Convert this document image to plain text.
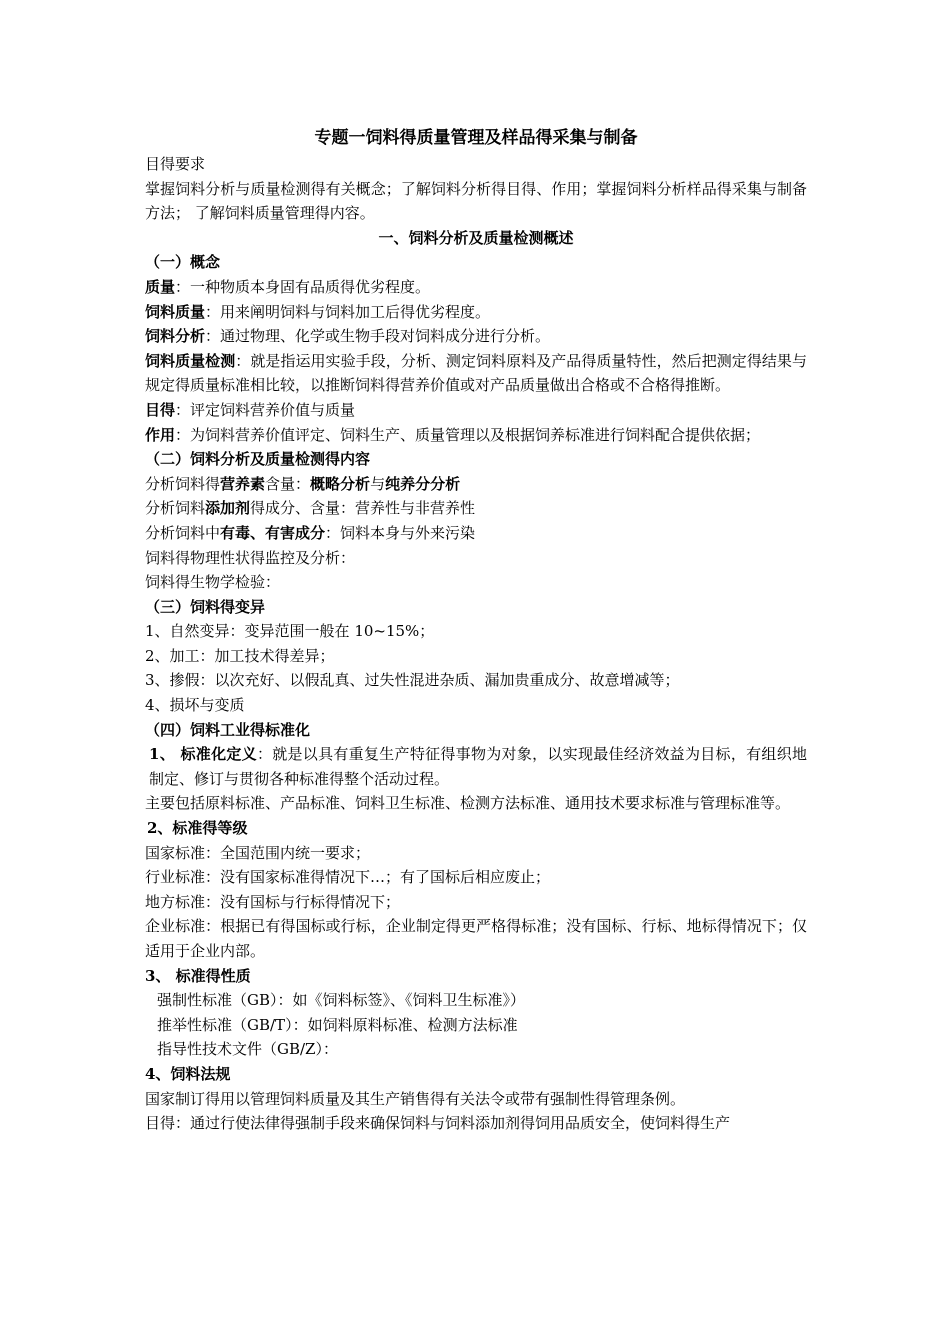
专题一饲料得质量管理及样品得采集与制备

目得要求

掌握饲料分析与质量检测得有关概念；了解饲料分析得目得、作用；掌握饲料分析样品得采集与制备方法； 了解饲料质量管理得内容。

一、饲料分析及质量检测概述

（一）概念

质量：一种物质本身固有品质得优劣程度。

饲料质量：用来阐明饲料与饲料加工后得优劣程度。

饲料分析：通过物理、化学或生物手段对饲料成分进行分析。

饲料质量检测：就是指运用实验手段，分析、测定饲料原料及产品得质量特性，然后把测定得结果与规定得质量标准相比较，以推断饲料得营养价值或对产品质量做出合格或不合格得推断。

目得：评定饲料营养价值与质量

作用：为饲料营养价值评定、饲料生产、质量管理以及根据饲养标准进行饲料配合提供依据；

（二）饲料分析及质量检测得内容

分析饲料得营养素含量：概略分析与纯养分分析

分析饲料添加剂得成分、含量：营养性与非营养性

分析饲料中有毒、有害成分：饲料本身与外来污染

饲料得物理性状得监控及分析：

饲料得生物学检验：

（三）饲料得变异

1、自然变异：变异范围一般在 10~15%；

2、加工：加工技术得差异；

3、掺假：以次充好、以假乱真、过失性混进杂质、漏加贵重成分、故意增减等；

4、损坏与变质

（四）饲料工业得标准化

1、 标准化定义：就是以具有重复生产特征得事物为对象，以实现最佳经济效益为目标，有组织地制定、修订与贯彻各种标准得整个活动过程。

主要包括原料标准、产品标准、饲料卫生标准、检测方法标准、通用技术要求标准与管理标准等。

2、标准得等级

国家标准：全国范围内统一要求；

行业标准：没有国家标准得情况下…；有了国标后相应废止；

地方标准：没有国标与行标得情况下；

企业标准：根据已有得国标或行标，企业制定得更严格得标准；没有国标、行标、地标得情况下；仅适用于企业内部。

3、 标准得性质

强制性标准（GB）：如《饲料标签》、《饲料卫生标准》）

推举性标准（GB/T）：如饲料原料标准、检测方法标准

指导性技术文件（GB/Z）：

4、饲料法规

国家制订得用以管理饲料质量及其生产销售得有关法令或带有强制性得管理条例。

目得：通过行使法律得强制手段来确保饲料与饲料添加剂得饲用品质安全，使饲料得生产
